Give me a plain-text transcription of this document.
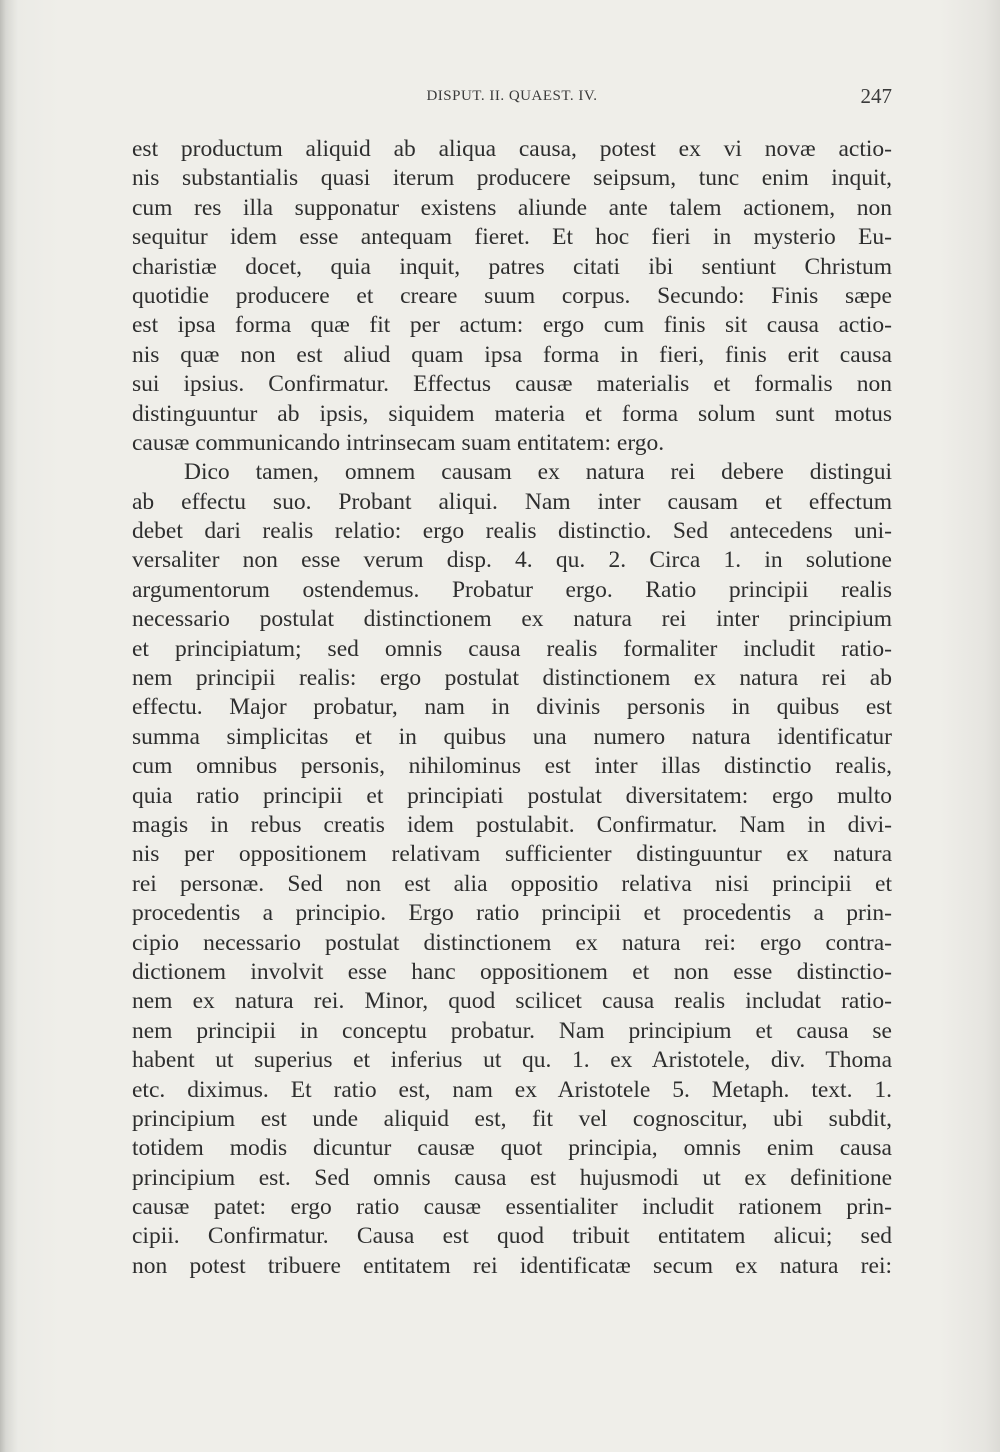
DISPUT. II. QUAEST. IV.	247
est productum aliquid ab aliqua causa, potest ex vi novæ actio-
nis substantialis quasi iterum producere seipsum, tunc enim inquit,
cum res illa supponatur existens aliunde ante talem actionem, non
sequitur idem esse antequam fieret. Et hoc fieri in mysterio Eu-
charistiæ docet, quia inquit, patres citati ibi sentiunt Christum
quotidie producere et creare suum corpus. Secundo: Finis sæpe
est ipsa forma quæ fit per actum: ergo cum finis sit causa actio-
nis quæ non est aliud quam ipsa forma in fieri, finis erit causa
sui ipsius. Confirmatur. Effectus causæ materialis et formalis non
distinguuntur ab ipsis, siquidem materia et forma solum sunt motus
causæ communicando intrinsecam suam entitatem: ergo.
Dico tamen, omnem causam ex natura rei debere distingui
ab effectu suo. Probant aliqui. Nam inter causam et effectum
debet dari realis relatio: ergo realis distinctio. Sed antecedens uni-
versaliter non esse verum disp. 4. qu. 2. Circa 1. in solutione
argumentorum ostendemus. Probatur ergo. Ratio principii realis
necessario postulat distinctionem ex natura rei inter principium
et principiatum; sed omnis causa realis formaliter includit ratio-
nem principii realis: ergo postulat distinctionem ex natura rei ab
effectu. Major probatur, nam in divinis personis in quibus est
summa simplicitas et in quibus una numero natura identificatur
cum omnibus personis, nihilominus est inter illas distinctio realis,
quia ratio principii et principiati postulat diversitatem: ergo multo
magis in rebus creatis idem postulabit. Confirmatur. Nam in divi-
nis per oppositionem relativam sufficienter distinguuntur ex natura
rei personæ. Sed non est alia oppositio relativa nisi principii et
procedentis a principio. Ergo ratio principii et procedentis a prin-
cipio necessario postulat distinctionem ex natura rei: ergo contra-
dictionem involvit esse hanc oppositionem et non esse distinctio-
nem ex natura rei. Minor, quod scilicet causa realis includat ratio-
nem principii in conceptu probatur. Nam principium et causa se
habent ut superius et inferius ut qu. 1. ex Aristotele, div. Thoma
etc. diximus. Et ratio est, nam ex Aristotele 5. Metaph. text. 1.
principium est unde aliquid est, fit vel cognoscitur, ubi subdit,
totidem modis dicuntur causæ quot principia, omnis enim causa
principium est. Sed omnis causa est hujusmodi ut ex definitione
causæ patet: ergo ratio causæ essentialiter includit rationem prin-
cipii. Confirmatur. Causa est quod tribuit entitatem alicui; sed
non potest tribuere entitatem rei identificatæ secum ex natura rei:
